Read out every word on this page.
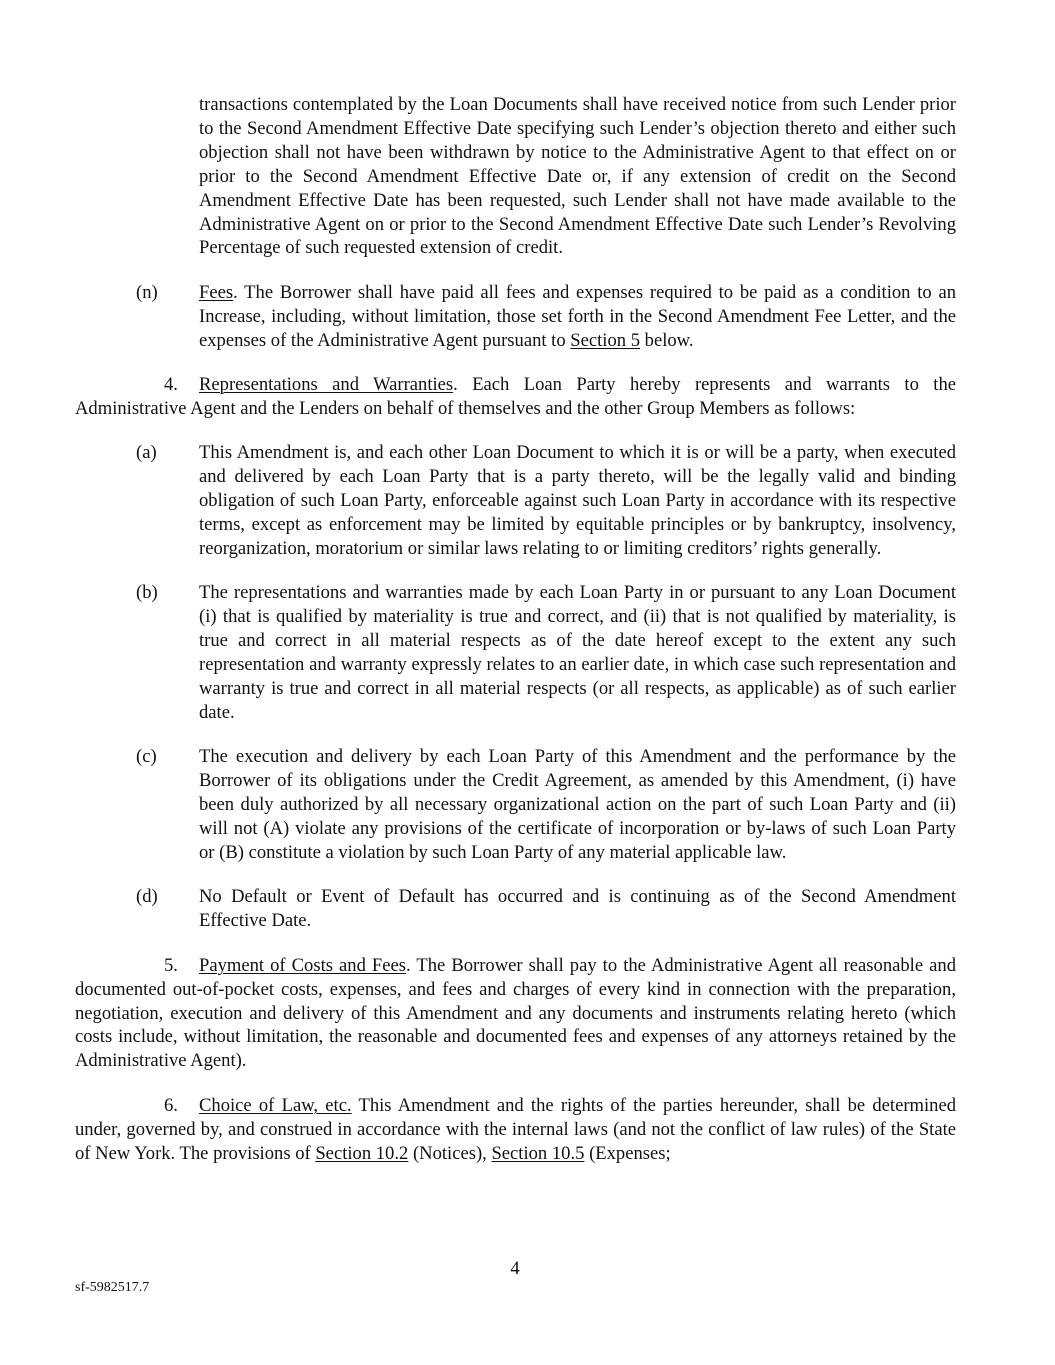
transactions contemplated by the Loan Documents shall have received notice from such Lender prior to the Second Amendment Effective Date specifying such Lender’s objection thereto and either such objection shall not have been withdrawn by notice to the Administrative Agent to that effect on or prior to the Second Amendment Effective Date or, if any extension of credit on the Second Amendment Effective Date has been requested, such Lender shall not have made available to the Administrative Agent on or prior to the Second Amendment Effective Date such Lender’s Revolving Percentage of such requested extension of credit.

(n) Fees. The Borrower shall have paid all fees and expenses required to be paid as a condition to an Increase, including, without limitation, those set forth in the Second Amendment Fee Letter, and the expenses of the Administrative Agent pursuant to Section 5 below.

4. Representations and Warranties. Each Loan Party hereby represents and warrants to the Administrative Agent and the Lenders on behalf of themselves and the other Group Members as follows:

(a) This Amendment is, and each other Loan Document to which it is or will be a party, when executed and delivered by each Loan Party that is a party thereto, will be the legally valid and binding obligation of such Loan Party, enforceable against such Loan Party in accordance with its respective terms, except as enforcement may be limited by equitable principles or by bankruptcy, insolvency, reorganization, moratorium or similar laws relating to or limiting creditors’ rights generally.
(b) The representations and warranties made by each Loan Party in or pursuant to any Loan Document (i) that is qualified by materiality is true and correct, and (ii) that is not qualified by materiality, is true and correct in all material respects as of the date hereof except to the extent any such representation and warranty expressly relates to an earlier date, in which case such representation and warranty is true and correct in all material respects (or all respects, as applicable) as of such earlier date.
(c) The execution and delivery by each Loan Party of this Amendment and the performance by the Borrower of its obligations under the Credit Agreement, as amended by this Amendment, (i) have been duly authorized by all necessary organizational action on the part of such Loan Party and (ii) will not (A) violate any provisions of the certificate of incorporation or by-laws of such Loan Party or (B) constitute a violation by such Loan Party of any material applicable law.
(d) No Default or Event of Default has occurred and is continuing as of the Second Amendment Effective Date.

5. Payment of Costs and Fees. The Borrower shall pay to the Administrative Agent all reasonable and documented out-of-pocket costs, expenses, and fees and charges of every kind in connection with the preparation, negotiation, execution and delivery of this Amendment and any documents and instruments relating hereto (which costs include, without limitation, the reasonable and documented fees and expenses of any attorneys retained by the Administrative Agent).

6. Choice of Law, etc. This Amendment and the rights of the parties hereunder, shall be determined under, governed by, and construed in accordance with the internal laws (and not the conflict of law rules) of the State of New York. The provisions of Section 10.2 (Notices), Section 10.5 (Expenses;

4
sf-5982517.7
